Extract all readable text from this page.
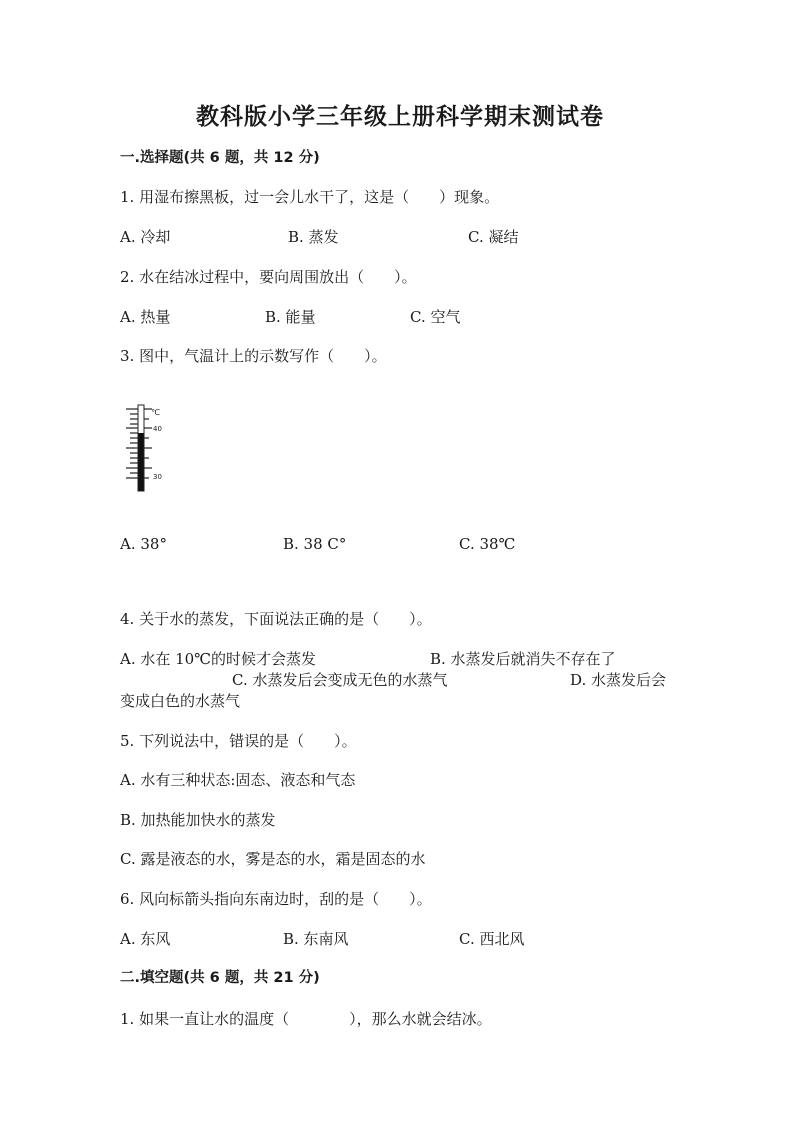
教科版小学三年级上册科学期末测试卷
一.选择题(共 6 题，共 12 分)
1. 用湿布擦黑板，过一会儿水干了，这是（　　）现象。
A. 冷却	B. 蒸发	C. 凝结
2. 水在结冰过程中，要向周围放出（　　）。
A. 热量	B. 能量	C. 空气
3. 图中，气温计上的示数写作（　　）。
℃
40
30
A. 38°	B. 38 C°	C. 38℃
4. 关于水的蒸发，下面说法正确的是（　　）。
A. 水在 10℃的时候才会蒸发	B. 水蒸发后就消失不存在了
C. 水蒸发后会变成无色的水蒸气	D. 水蒸发后会
变成白色的水蒸气
5. 下列说法中，错误的是（　　）。
A. 水有三种状态:固态、液态和气态
B. 加热能加快水的蒸发
C. 露是液态的水，雾是态的水，霜是固态的水
6. 风向标箭头指向东南边时，刮的是（　　）。
A. 东风	B. 东南风	C. 西北风
二.填空题(共 6 题，共 21 分)
1. 如果一直让水的温度（　　　　），那么水就会结冰。
